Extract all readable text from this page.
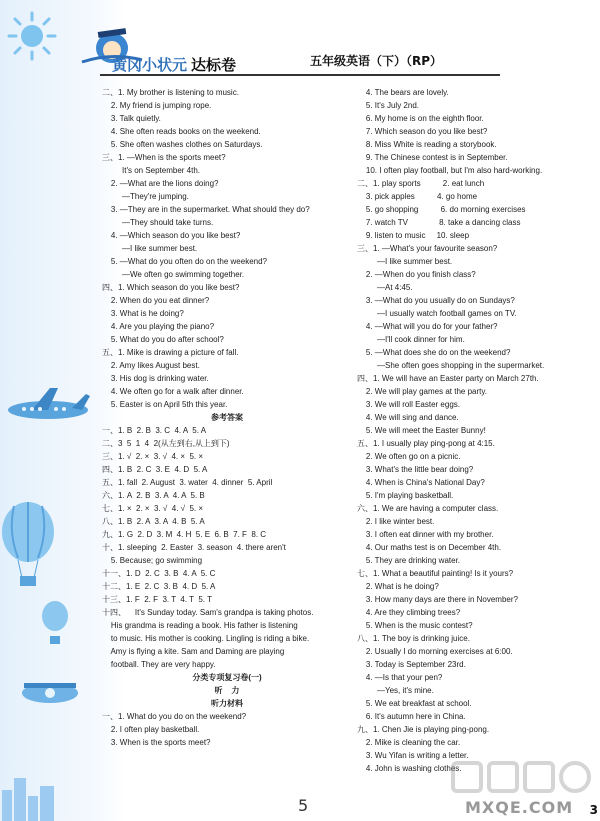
黄冈小状元 达标卷	五年级英语（下）（RP）
二、1. My brother is listening to music.
2. My friend is jumping rope.
3. Talk quietly.
4. She often reads books on the weekend.
5. She often washes clothes on Saturdays.
三、1. —When is the sports meet?
It's on September 4th.
2. —What are the lions doing?
—They're jumping.
3. —They are in the supermarket. What should they do?
—They should take turns.
4. —Which season do you like best?
—I like summer best.
5. —What do you often do on the weekend?
—We often go swimming together.
四、1. Which season do you like best?
2. When do you eat dinner?
3. What is he doing?
4. Are you playing the piano?
5. What do you do after school?
五、1. Mike is drawing a picture of fall.
2. Amy likes August best.
3. His dog is drinking water.
4. We often go for a walk after dinner.
5. Easter is on April 5th this year.
参考答案
一、1. B  2. B  3. C  4. A  5. A
二、3  5  1  4  2(从左到右,从上到下)
三、1. √  2. ×  3. √  4. ×  5. ×
四、1. B  2. C  3. E  4. D  5. A
五、1. fall  2. August  3. water  4. dinner  5. April
六、1. A  2. B  3. A  4. A  5. B
七、1. ×  2. ×  3. √  4. √  5. ×
八、1. B  2. A  3. A  4. B  5. A
九、1. G  2. D  3. M  4. H  5. E  6. B  7. F  8. C
十、1. sleeping  2. Easter  3. season  4. there aren't
5. Because; go swimming
十一、1. D  2. C  3. B  4. A  5. C
十二、1. E  2. C  3. B  4. D  5. A
十三、1. F  2. F  3. T  4. T  5. T
十四、    It's Sunday today. Sam's grandpa is taking photos.
His grandma is reading a book. His father is listening
to music. His mother is cooking. Lingling is riding a bike.
Amy is flying a kite. Sam and Daming are playing
football. They are very happy.
分类专项复习卷(一)
听    力
听力材料
一、1. What do you do on the weekend?
2. I often play basketball.
3. When is the sports meet?
4. The bears are lovely.
5. It's July 2nd.
6. My home is on the eighth floor.
7. Which season do you like best?
8. Miss White is reading a storybook.
9. The Chinese contest is in September.
10. I often play football, but I'm also hard-working.
二、1. play sports          2. eat lunch
3. pick apples          4. go home
5. go shopping          6. do morning exercises
7. watch TV              8. take a dancing class
9. listen to music     10. sleep
三、1. —What's your favourite season?
—I like summer best.
2. —When do you finish class?
—At 4:45.
3. —What do you usually do on Sundays?
—I usually watch football games on TV.
4. —What will you do for your father?
—I'll cook dinner for him.
5. —What does she do on the weekend?
—She often goes shopping in the supermarket.
四、1. We will have an Easter party on March 27th.
2. We will play games at the party.
3. We will roll Easter eggs.
4. We will sing and dance.
5. We will meet the Easter Bunny!
五、1. I usually play ping-pong at 4:15.
2. We often go on a picnic.
3. What's the little bear doing?
4. When is China's National Day?
5. I'm playing basketball.
六、1. We are having a computer class.
2. I like winter best.
3. I often eat dinner with my brother.
4. Our maths test is on December 4th.
5. They are drinking water.
七、1. What a beautiful painting! Is it yours?
2. What is he doing?
3. How many days are there in November?
4. Are they climbing trees?
5. When is the music contest?
八、1. The boy is drinking juice.
2. Usually I do morning exercises at 6:00.
3. Today is September 23rd.
4. —Is that your pen?
—Yes, it's mine.
5. We eat breakfast at school.
6. It's autumn here in China.
九、1. Chen Jie is playing ping-pong.
2. Mike is cleaning the car.
3. Wu Yifan is writing a letter.
4. John is washing clothes.
5	MXQE.COM 3
